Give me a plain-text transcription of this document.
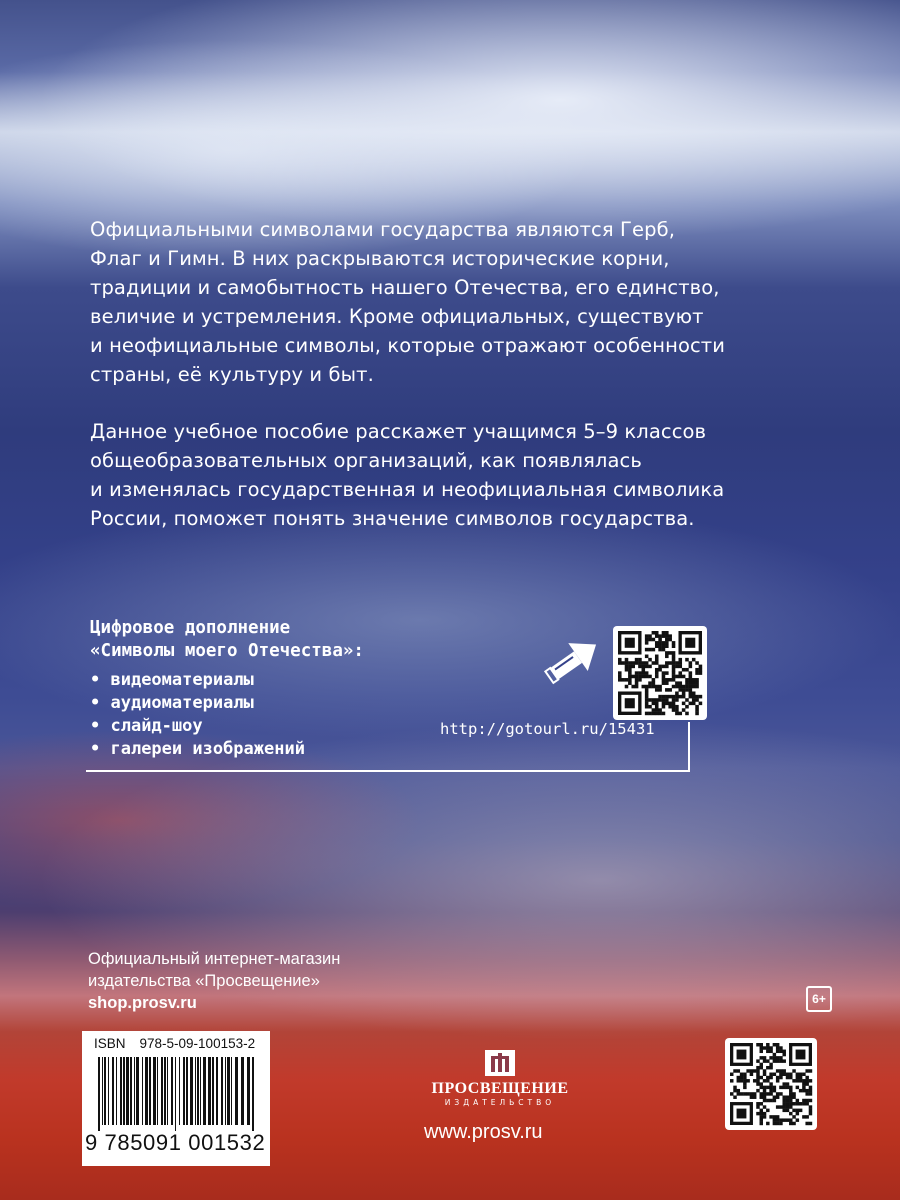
Официальными символами государства являются Герб,
Флаг и Гимн. В них раскрываются исторические корни,
традиции и самобытность нашего Отечества, его единство,
величие и устремления. Кроме официальных, существуют
и неофициальные символы, которые отражают особенности
страны, её культуру и быт.

Данное учебное пособие расскажет учащимся 5–9 классов
общеобразовательных организаций, как появлялась
и изменялась государственная и неофициальная символика
России, поможет понять значение символов государства.

Цифровое дополнение
«Символы моего Отечества»:
• видеоматериалы
• аудиоматериалы
• слайд-шоу
• галереи изображений
http://gotourl.ru/15431
Официальный интернет-магазин
издательства «Просвещение»
shop.prosv.ru	6+
ISBN 978-5-09-100153-2
9 785091 001532
ПРОСВЕЩЕНИЕ
ИЗДАТЕЛЬСТВО
www.prosv.ru
